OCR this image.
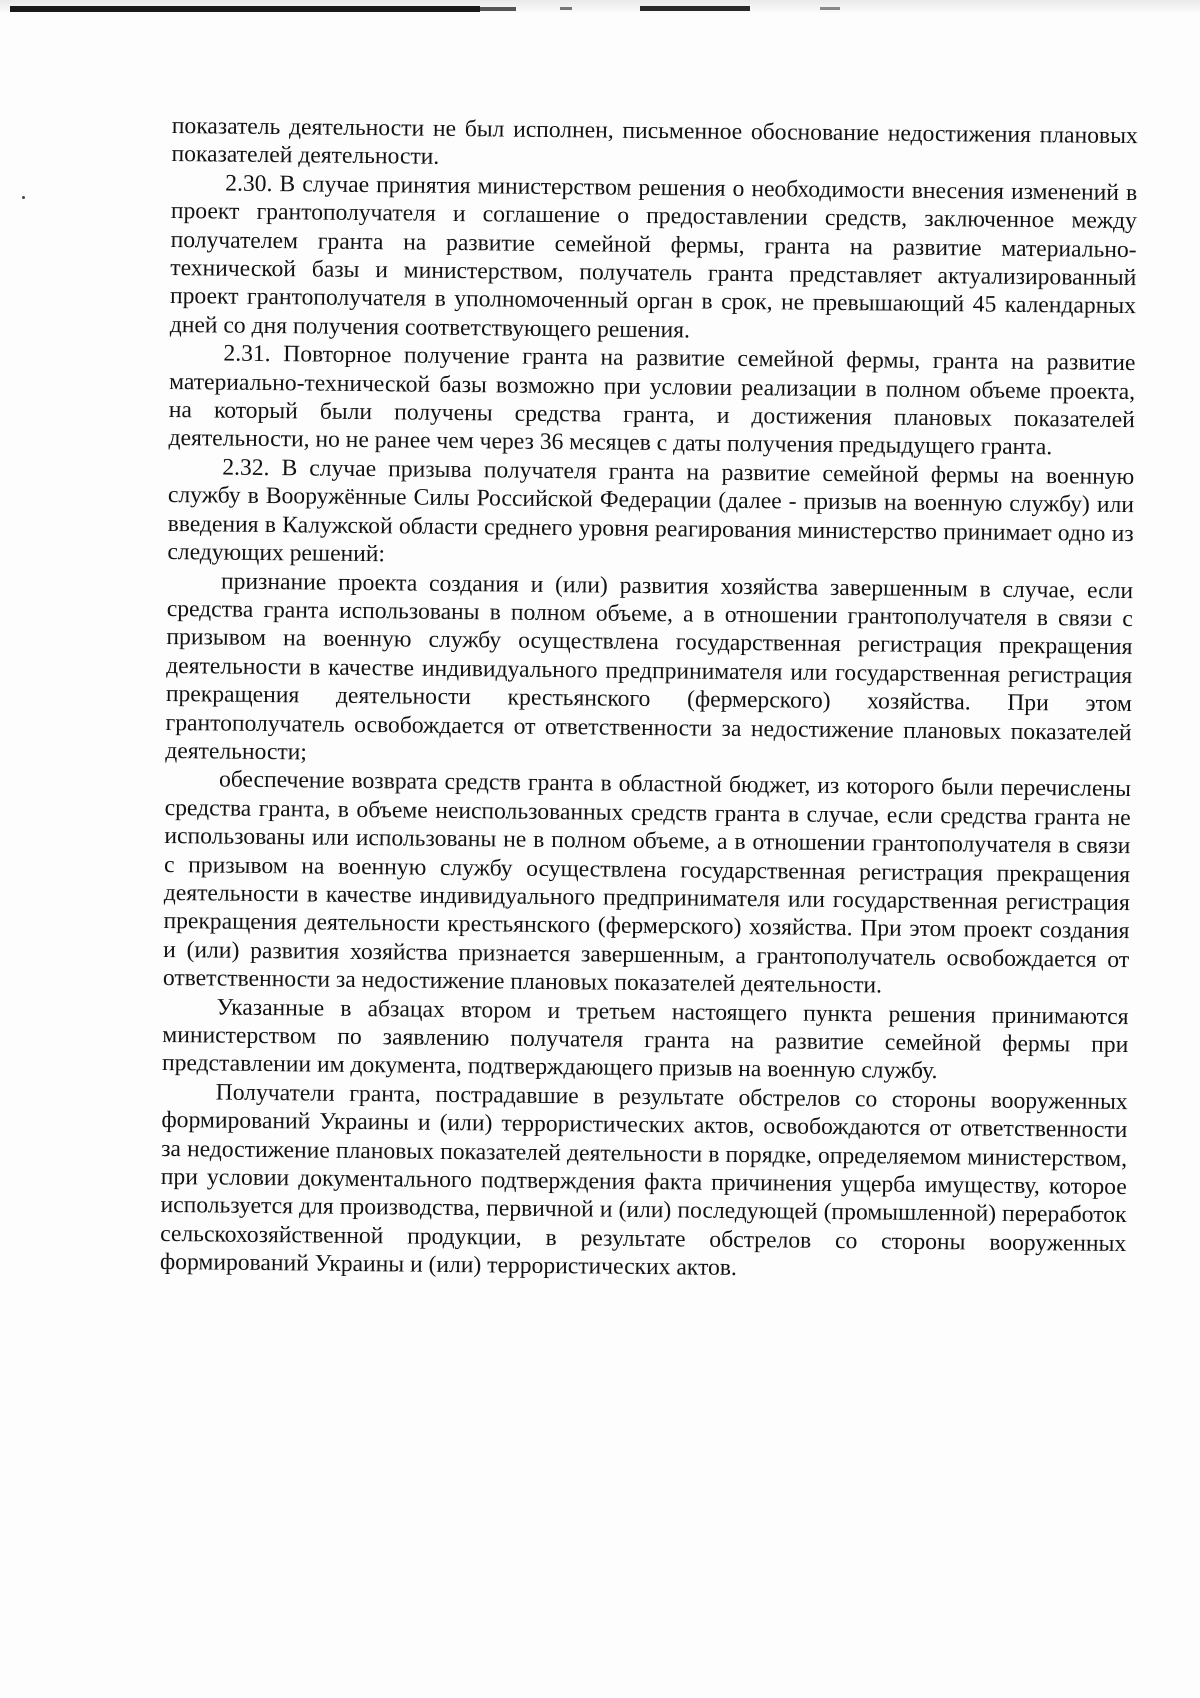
показатель деятельности не был исполнен, письменное обоснование недостижения плановых показателей деятельности.

2.30. В случае принятия министерством решения о необходимости внесения изменений в проект грантополучателя и соглашение о предоставлении средств, заключенное между получателем гранта на развитие семейной фермы, гранта на развитие материально-технической базы и министерством, получатель гранта представляет актуализированный проект грантополучателя в уполномоченный орган в срок, не превышающий 45 календарных дней со дня получения соответствующего решения.

2.31. Повторное получение гранта на развитие семейной фермы, гранта на развитие материально-технической базы возможно при условии реализации в полном объеме проекта, на который были получены средства гранта, и достижения плановых показателей деятельности, но не ранее чем через 36 месяцев с даты получения предыдущего гранта.

2.32. В случае призыва получателя гранта на развитие семейной фермы на военную службу в Вооружённые Силы Российской Федерации (далее - призыв на военную службу) или введения в Калужской области среднего уровня реагирования министерство принимает одно из следующих решений:

признание проекта создания и (или) развития хозяйства завершенным в случае, если средства гранта использованы в полном объеме, а в отношении грантополучателя в связи с призывом на военную службу осуществлена государственная регистрация прекращения деятельности в качестве индивидуального предпринимателя или государственная регистрация прекращения деятельности крестьянского (фермерского) хозяйства. При этом грантополучатель освобождается от ответственности за недостижение плановых показателей деятельности;

обеспечение возврата средств гранта в областной бюджет, из которого были перечислены средства гранта, в объеме неиспользованных средств гранта в случае, если средства гранта не использованы или использованы не в полном объеме, а в отношении грантополучателя в связи с призывом на военную службу осуществлена государственная регистрация прекращения деятельности в качестве индивидуального предпринимателя или государственная регистрация прекращения деятельности крестьянского (фермерского) хозяйства. При этом проект создания и (или) развития хозяйства признается завершенным, а грантополучатель освобождается от ответственности за недостижение плановых показателей деятельности.

Указанные в абзацах втором и третьем настоящего пункта решения принимаются министерством по заявлению получателя гранта на развитие семейной фермы при представлении им документа, подтверждающего призыв на военную службу.

Получатели гранта, пострадавшие в результате обстрелов со стороны вооруженных формирований Украины и (или) террористических актов, освобождаются от ответственности за недостижение плановых показателей деятельности в порядке, определяемом министерством, при условии документального подтверждения факта причинения ущерба имуществу, которое используется для производства, первичной и (или) последующей (промышленной) переработок сельскохозяйственной продукции, в результате обстрелов со стороны вооруженных формирований Украины и (или) террористических актов.
